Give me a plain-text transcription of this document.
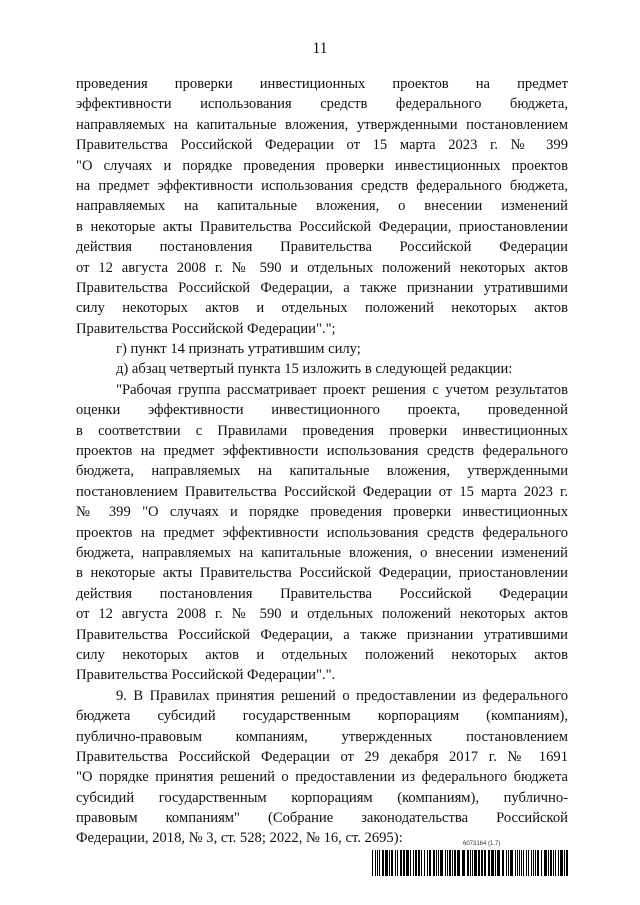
11
проведения проверки инвестиционных проектов на предмет
эффективности использования средств федерального бюджета,
направляемых на капитальные вложения, утвержденными постановлением
Правительства Российской Федерации от 15 марта 2023 г. № 399
"О случаях и порядке проведения проверки инвестиционных проектов
на предмет эффективности использования средств федерального бюджета,
направляемых на капитальные вложения, о внесении изменений
в некоторые акты Правительства Российской Федерации, приостановлении
действия постановления Правительства Российской Федерации
от 12 августа 2008 г. № 590 и отдельных положений некоторых актов
Правительства Российской Федерации, а также признании утратившими
силу некоторых актов и отдельных положений некоторых актов
Правительства Российской Федерации".";
г) пункт 14 признать утратившим силу;
д) абзац четвертый пункта 15 изложить в следующей редакции:
"Рабочая группа рассматривает проект решения с учетом результатов
оценки эффективности инвестиционного проекта, проведенной
в соответствии с Правилами проведения проверки инвестиционных
проектов на предмет эффективности использования средств федерального
бюджета, направляемых на капитальные вложения, утвержденными
постановлением Правительства Российской Федерации от 15 марта 2023 г.
№ 399 "О случаях и порядке проведения проверки инвестиционных
проектов на предмет эффективности использования средств федерального
бюджета, направляемых на капитальные вложения, о внесении изменений
в некоторые акты Правительства Российской Федерации, приостановлении
действия постановления Правительства Российской Федерации
от 12 августа 2008 г. № 590 и отдельных положений некоторых актов
Правительства Российской Федерации, а также признании утратившими
силу некоторых актов и отдельных положений некоторых актов
Правительства Российской Федерации".".
9. В Правилах принятия решений о предоставлении из федерального
бюджета субсидий государственным корпорациям (компаниям),
публично-правовым компаниям, утвержденных постановлением
Правительства Российской Федерации от 29 декабря 2017 г. № 1691
"О порядке принятия решений о предоставлении из федерального бюджета
субсидий государственным корпорациям (компаниям), публично-
правовым компаниям" (Собрание законодательства Российской
Федерации, 2018, № 3, ст. 528; 2022, № 16, ст. 2695):	6073164 (1.7)
